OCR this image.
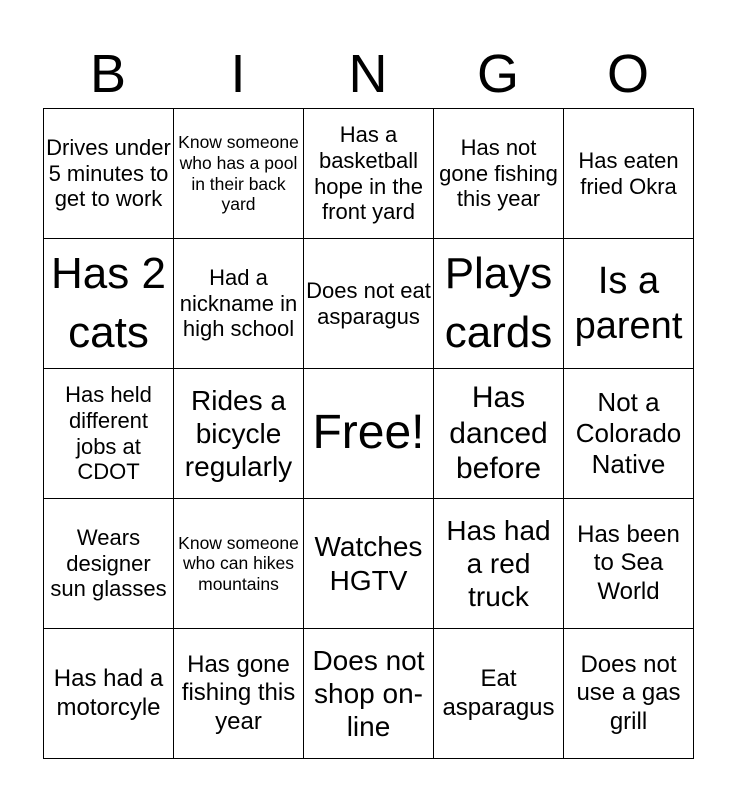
B	I	N	G	O
Drives under 5 minutes to get to work	Know someone who has a pool in their back yard	Has a basketball hope in the front yard	Has not gone fishing this year	Has eaten fried Okra
Has 2 cats	Had a nickname in high school	Does not eat asparagus	Plays cards	Is a parent
Has held different jobs at CDOT	Rides a bicycle regularly	Free!	Has danced before	Not a Colorado Native
Wears designer sun glasses	Know someone who can hikes mountains	Watches HGTV	Has had a red truck	Has been to Sea World
Has had a motorcyle	Has gone fishing this year	Does not shop on-line	Eat asparagus	Does not use a gas grill
